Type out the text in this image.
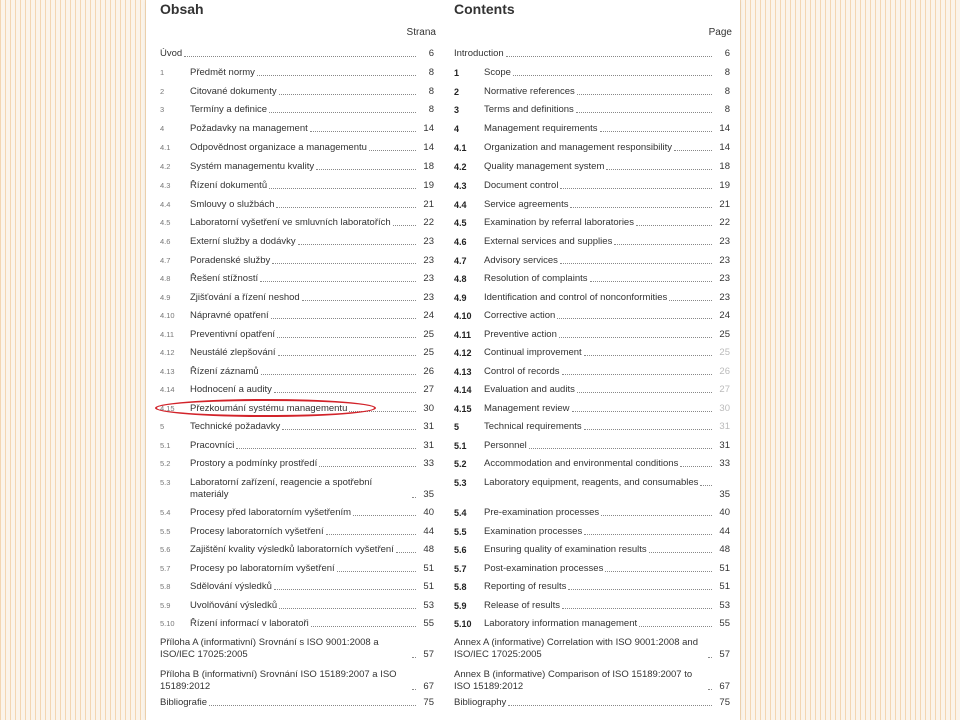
Obsah
Strana
Úvod	6
1	Předmět normy	8
2	Citované dokumenty	8
3	Termíny a definice	8
4	Požadavky na management	14
4.1 Odpovědnost organizace a managementu	14
4.2 Systém managementu kvality	18
4.3 Řízení dokumentů	19
4.4 Smlouvy o službách	21
4.5 Laboratorní vyšetření ve smluvních laboratořích	22
4.6 Externí služby a dodávky	23
4.7 Poradenské služby	23
4.8 Řešení stížností	23
4.9 Zjišťování a řízení neshod	23
4.10 Nápravné opatření	24
4.11 Preventivní opatření	25
4.12 Neustálé zlepšování	25
4.13 Řízení záznamů	26
4.14 Hodnocení a audity	27
4.15 Přezkoumání systému managementu	30
5	Technické požadavky	31
5.1 Pracovníci	31
5.2 Prostory a podmínky prostředí	33
5.3 Laboratorní zařízení, reagencie a spotřební materiály	35
5.4 Procesy před laboratorním vyšetřením	40
5.5 Procesy laboratorních vyšetření	44
5.6 Zajištění kvality výsledků laboratorních vyšetření	48
5.7 Procesy po laboratorním vyšetření	51
5.8 Sdělování výsledků	51
5.9 Uvolňování výsledků	53
5.10 Řízení informací v laboratoři	55
Příloha A (informativní) Srovnání s ISO 9001:2008 a ISO/IEC 17025:2005	57
Příloha B (informativní) Srovnání ISO 15189:2007 a ISO 15189:2012	67
Bibliografie	75
Contents
Page
Introduction	6
1	Scope	8
2	Normative references	8
3	Terms and definitions	8
4	Management requirements	14
4.1 Organization and management responsibility	14
4.2 Quality management system	18
4.3 Document control	19
4.4 Service agreements	21
4.5 Examination by referral laboratories	22
4.6 External services and supplies	23
4.7 Advisory services	23
4.8 Resolution of complaints	23
4.9 Identification and control of nonconformities	23
4.10 Corrective action	24
4.11 Preventive action	25
4.12 Continual improvement	25
4.13 Control of records	26
4.14 Evaluation and audits	27
4.15 Management review	30
5	Technical requirements	31
5.1 Personnel	31
5.2 Accommodation and environmental conditions	33
5.3 Laboratory equipment, reagents, and consumables
35
5.4 Pre-examination processes	40
5.5 Examination processes	44
5.6 Ensuring quality of examination results	48
5.7 Post-examination processes	51
5.8 Reporting of results	51
5.9 Release of results	53
5.10 Laboratory information management	55
Annex A (informative) Correlation with ISO 9001:2008 and ISO/IEC 17025:2005	57
Annex B (informative) Comparison of ISO 15189:2007 to ISO 15189:2012	67
Bibliography	75
